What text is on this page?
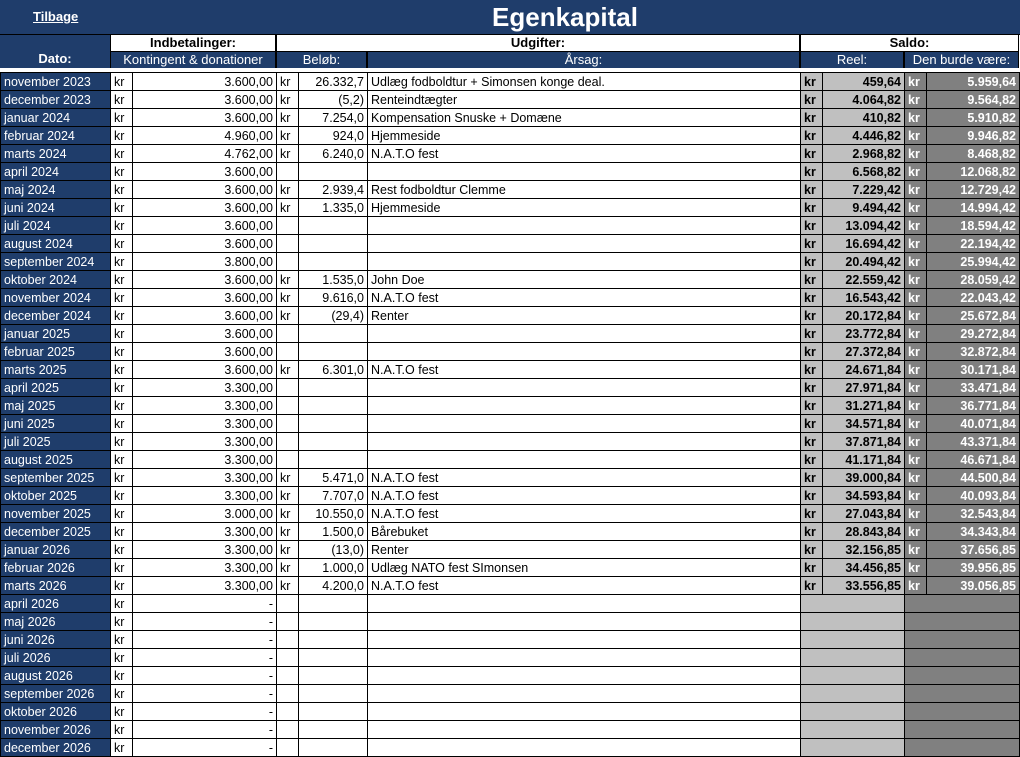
Tilbage	Egenkapital
Dato:
Indbetalinger:	Udgifter:	Saldo:
Kontingent & donationer	Beløb:	Årsag:	Reel:	Den burde være:
november 2023	kr	3.600,00	kr	26.332,7	Udlæg fodboldtur + Simonsen konge deal.	kr	459,64	kr	5.959,64
december 2023	kr	3.600,00	kr	(5,2)	Renteindtægter	kr	4.064,82	kr	9.564,82
januar 2024	kr	3.600,00	kr	7.254,0	Kompensation Snuske + Domæne	kr	410,82	kr	5.910,82
februar 2024	kr	4.960,00	kr	924,0	Hjemmeside	kr	4.446,82	kr	9.946,82
marts 2024	kr	4.762,00	kr	6.240,0	N.A.T.O fest	kr	2.968,82	kr	8.468,82
april 2024	kr	3.600,00				kr	6.568,82	kr	12.068,82
maj 2024	kr	3.600,00	kr	2.939,4	Rest fodboldtur Clemme	kr	7.229,42	kr	12.729,42
juni 2024	kr	3.600,00	kr	1.335,0	Hjemmeside	kr	9.494,42	kr	14.994,42
juli 2024	kr	3.600,00				kr	13.094,42	kr	18.594,42
august 2024	kr	3.600,00				kr	16.694,42	kr	22.194,42
september 2024	kr	3.800,00				kr	20.494,42	kr	25.994,42
oktober 2024	kr	3.600,00	kr	1.535,0	John Doe	kr	22.559,42	kr	28.059,42
november 2024	kr	3.600,00	kr	9.616,0	N.A.T.O fest	kr	16.543,42	kr	22.043,42
december 2024	kr	3.600,00	kr	(29,4)	Renter	kr	20.172,84	kr	25.672,84
januar 2025	kr	3.600,00				kr	23.772,84	kr	29.272,84
februar 2025	kr	3.600,00				kr	27.372,84	kr	32.872,84
marts 2025	kr	3.600,00	kr	6.301,0	N.A.T.O fest	kr	24.671,84	kr	30.171,84
april 2025	kr	3.300,00				kr	27.971,84	kr	33.471,84
maj 2025	kr	3.300,00				kr	31.271,84	kr	36.771,84
juni 2025	kr	3.300,00				kr	34.571,84	kr	40.071,84
juli 2025	kr	3.300,00				kr	37.871,84	kr	43.371,84
august 2025	kr	3.300,00				kr	41.171,84	kr	46.671,84
september 2025	kr	3.300,00	kr	5.471,0	N.A.T.O fest	kr	39.000,84	kr	44.500,84
oktober 2025	kr	3.300,00	kr	7.707,0	N.A.T.O fest	kr	34.593,84	kr	40.093,84
november 2025	kr	3.000,00	kr	10.550,0	N.A.T.O fest	kr	27.043,84	kr	32.543,84
december 2025	kr	3.300,00	kr	1.500,0	Bårebuket	kr	28.843,84	kr	34.343,84
januar 2026	kr	3.300,00	kr	(13,0)	Renter	kr	32.156,85	kr	37.656,85
februar 2026	kr	3.300,00	kr	1.000,0	Udlæg NATO fest SImonsen	kr	34.456,85	kr	39.956,85
marts 2026	kr	3.300,00	kr	4.200,0	N.A.T.O fest	kr	33.556,85	kr	39.056,85
april 2026	kr	-							
maj 2026	kr	-							
juni 2026	kr	-							
juli 2026	kr	-							
august 2026	kr	-							
september 2026	kr	-							
oktober 2026	kr	-							
november 2026	kr	-							
december 2026	kr	-							
